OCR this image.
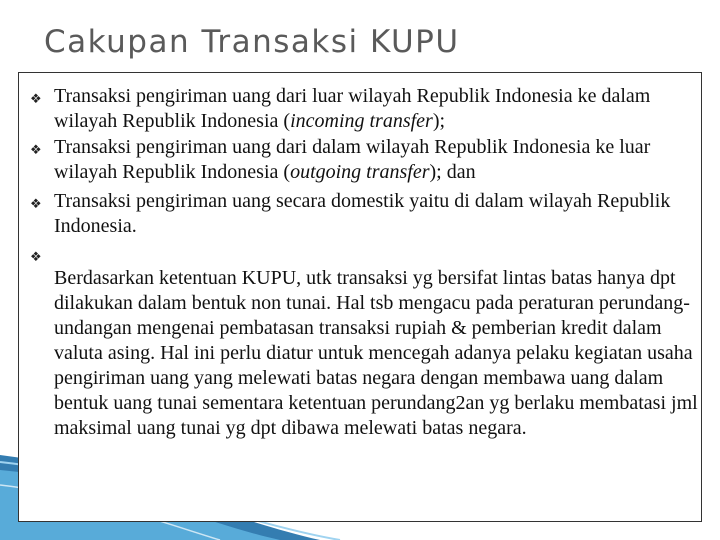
Cakupan Transaksi KUPU
❖ Transaksi pengiriman uang dari luar wilayah Republik Indonesia ke dalam wilayah Republik Indonesia (incoming transfer);
❖ Transaksi pengiriman uang dari dalam wilayah Republik Indonesia ke luar wilayah Republik Indonesia (outgoing transfer); dan
❖ Transaksi pengiriman uang secara domestik yaitu di dalam wilayah Republik Indonesia.
❖
Berdasarkan ketentuan KUPU, utk transaksi yg bersifat lintas batas hanya dpt dilakukan dalam bentuk non tunai. Hal tsb mengacu pada peraturan perundang-undangan mengenai pembatasan transaksi rupiah & pemberian kredit dalam valuta asing. Hal ini perlu diatur untuk mencegah adanya pelaku kegiatan usaha pengiriman uang yang melewati batas negara dengan membawa uang dalam bentuk uang tunai sementara ketentuan perundang2an yg berlaku membatasi jml maksimal uang tunai yg dpt dibawa melewati batas negara.
